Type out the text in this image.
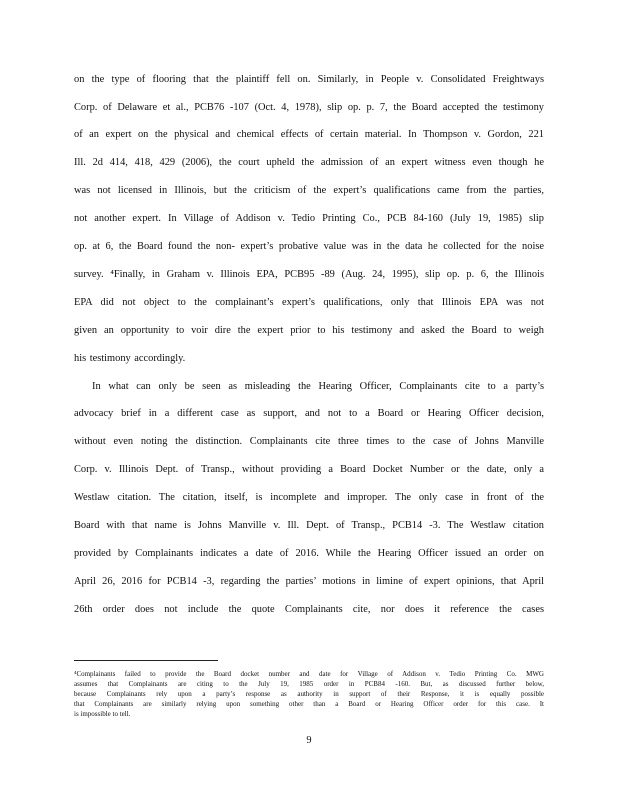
on the type of flooring that the plaintiff fell on. Similarly, in People v. Consolidated Freightways

Corp. of Delaware et al., PCB76 -107 (Oct. 4, 1978), slip op. p. 7, the Board accepted the testimony

of an expert on the physical and chemical effects of certain material. In Thompson v. Gordon, 221

Ill. 2d 414, 418, 429 (2006), the court upheld the admission of an expert witness even though he

was not licensed in Illinois, but the criticism of the expert’s qualifications came from the parties,

not another expert. In Village of Addison v. Tedio Printing Co., PCB 84-160 (July 19, 1985) slip

op. at 6, the Board found the non- expert’s probative value was in the data he collected for the noise

survey. ⁴Finally, in Graham v. Illinois EPA, PCB95 -89 (Aug. 24, 1995), slip op. p. 6, the Illinois

EPA did not object to the complainant’s expert’s qualifications, only that Illinois EPA was not

given an opportunity to voir dire the expert prior to his testimony and asked the Board to weigh

his testimony accordingly.

In what can only be seen as misleading the Hearing Officer, Complainants cite to a party’s

advocacy brief in a different case as support, and not to a Board or Hearing Officer decision,

without even noting the distinction. Complainants cite three times to the case of Johns Manville

Corp. v. Illinois Dept. of Transp., without providing a Board Docket Number or the date, only a

Westlaw citation. The citation, itself, is incomplete and improper. The only case in front of the

Board with that name is Johns Manville v. Ill. Dept. of Transp., PCB14 -3. The Westlaw citation

provided by Complainants indicates a date of 2016. While the Hearing Officer issued an order on

April 26, 2016 for PCB14 -3, regarding the parties’ motions in limine of expert opinions, that April

26th order does not include the quote Complainants cite, nor does it reference the cases

⁴Complainants failed to provide the Board docket number and date for Village of Addison v. Tedio Printing Co. MWG

assumes that Complainants are citing to the July 19, 1985 order in PCB84 -160. But, as discussed further below,

because Complainants rely upon a party’s response as authority in support of their Response, it is equally possible

that Complainants are similarly relying upon something other than a Board or Hearing Officer order for this case. It

is impossible to tell.

9
